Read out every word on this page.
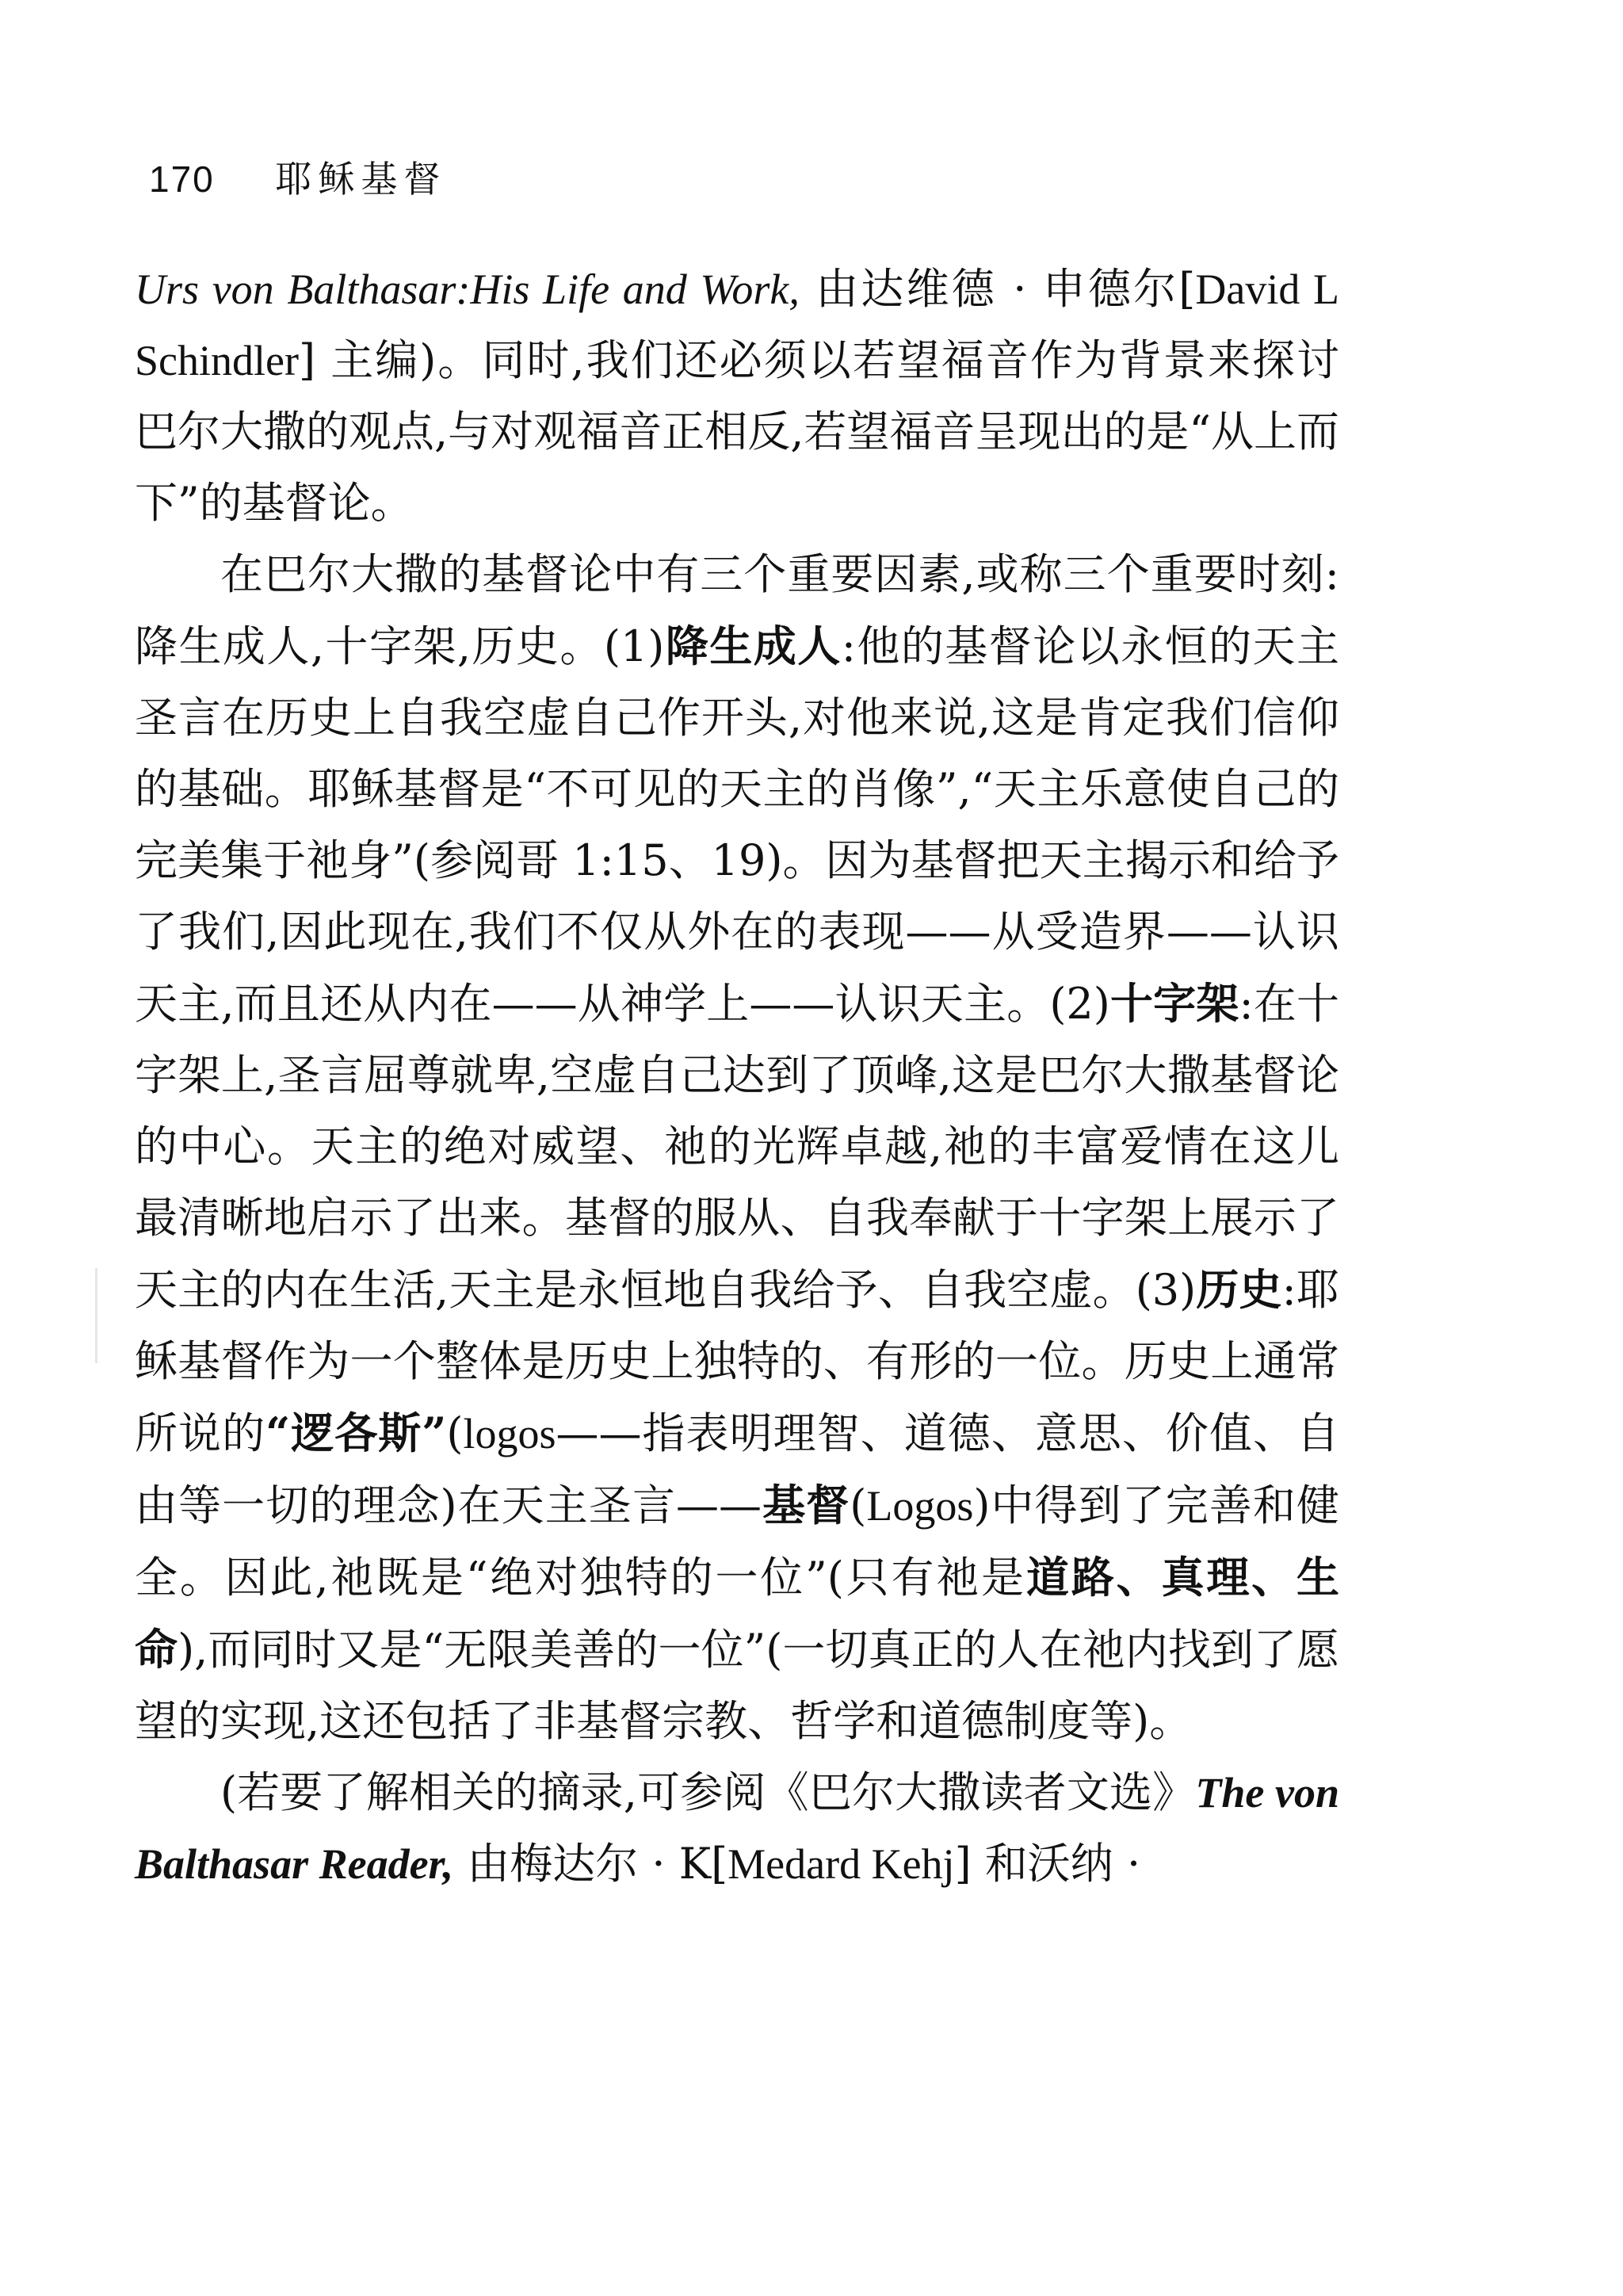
170 耶稣基督

Urs von Balthasar:His Life and Work, 由达维德 · 申德尔[David L Schindler] 主编)。同时,我们还必须以若望福音作为背景来探讨巴尔大撒的观点,与对观福音正相反,若望福音呈现出的是“从上而下”的基督论。

在巴尔大撒的基督论中有三个重要因素,或称三个重要时刻:降生成人,十字架,历史。(1)降生成人:他的基督论以永恒的天主圣言在历史上自我空虚自己作开头,对他来说,这是肯定我们信仰的基础。耶稣基督是“不可见的天主的肖像”,“天主乐意使自己的完美集于祂身”(参阅哥 1:15、19)。因为基督把天主揭示和给予了我们,因此现在,我们不仅从外在的表现——从受造界——认识天主,而且还从内在——从神学上——认识天主。(2)十字架:在十字架上,圣言屈尊就卑,空虚自己达到了顶峰,这是巴尔大撒基督论的中心。天主的绝对威望、祂的光辉卓越,祂的丰富爱情在这儿最清晰地启示了出来。基督的服从、自我奉献于十字架上展示了天主的内在生活,天主是永恒地自我给予、自我空虚。(3)历史:耶稣基督作为一个整体是历史上独特的、有形的一位。历史上通常所说的“逻各斯”(logos——指表明理智、道德、意思、价值、自由等一切的理念)在天主圣言——基督(Logos)中得到了完善和健全。因此,祂既是“绝对独特的一位”(只有祂是道路、真理、生命),而同时又是“无限美善的一位”(一切真正的人在祂内找到了愿望的实现,这还包括了非基督宗教、哲学和道德制度等)。

(若要了解相关的摘录,可参阅《巴尔大撒读者文选》The von Balthasar Reader, 由梅达尔 · K[Medard Kehj] 和沃纳 ·
